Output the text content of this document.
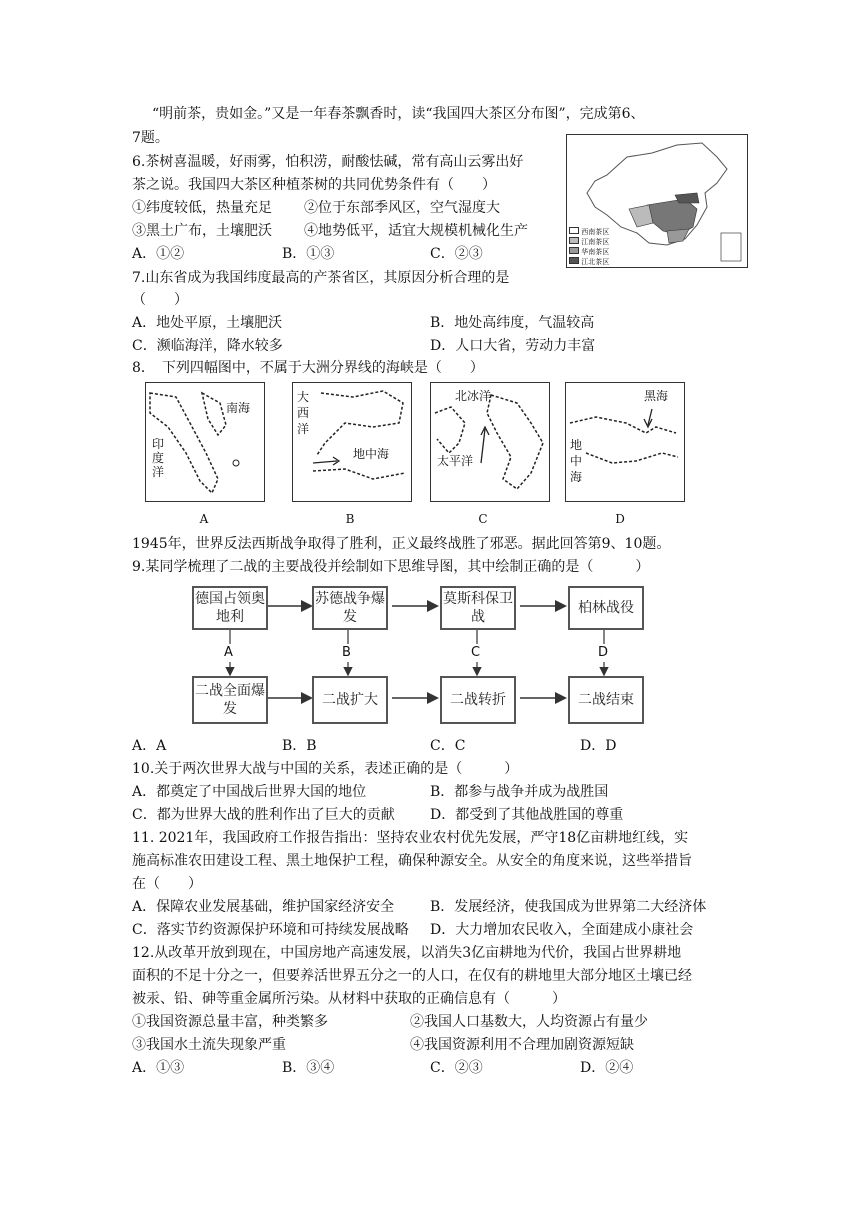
“明前茶，贵如金。”又是一年春茶飘香时，读“我国四大茶区分布图”，完成第6、
7题。
6.茶树喜温暖，好雨雾，怕积涝，耐酸怯碱，常有高山云雾出好
茶之说。我国四大茶区种植茶树的共同优势条件有（　　）
①纬度较低，热量充足 ②位于东部季风区，空气湿度大
③黑土广布，土壤肥沃 ④地势低平，适宜大规模机械化生产
A．①②	B．①③	C．②③
西南茶区
江南茶区
华南茶区
江北茶区
7.山东省成为我国纬度最高的产茶省区，其原因分析合理的是
（　　）
A．地处平原，土壤肥沃	B．地处高纬度，气温较高
C．濒临海洋，降水较多	D．人口大省，劳动力丰富
8．　下列四幅图中，不属于大洲分界线的海峡是（　　）
南海
印度洋
A
大西洋
地中海
B
北冰洋
太平洋
C
黑海
地中海
D
1945年，世界反法西斯战争取得了胜利，正义最终战胜了邪恶。据此回答第9、10题。
9.某同学梳理了二战的主要战役并绘制如下思维导图，其中绘制正确的是（　　　）
德国占领奥地利
苏德战争爆发
莫斯科保卫战
柏林战役
A	B	C	D
二战全面爆发
二战扩大	二战转折	二战结束
A．A	B．B	C．C	D．D
10.关于两次世界大战与中国的关系，表述正确的是（　　　）
A．都奠定了中国战后世界大国的地位	B．都参与战争并成为战胜国
C．都为世界大战的胜利作出了巨大的贡献	D．都受到了其他战胜国的尊重
11. 2021年，我国政府工作报告指出：坚持农业农村优先发展，严守18亿亩耕地红线，实
施高标准农田建设工程、黑土地保护工程，确保种源安全。从安全的角度来说，这些举措旨
在（　　）
A．保障农业发展基础，维护国家经济安全	B．发展经济，使我国成为世界第二大经济体
C．落实节约资源保护环境和可持续发展战略 D．大力增加农民收入，全面建成小康社会
12.从改革开放到现在，中国房地产高速发展，以消失3亿亩耕地为代价，我国占世界耕地
面积的不足十分之一，但要养活世界五分之一的人口，在仅有的耕地里大部分地区土壤已经
被汞、铅、砷等重金属所污染。从材料中获取的正确信息有（　　　）
①我国资源总量丰富，种类繁多	②我国人口基数大，人均资源占有量少
③我国水土流失现象严重	④我国资源利用不合理加剧资源短缺
A．①③	B．③④	C．②③	D．②④
